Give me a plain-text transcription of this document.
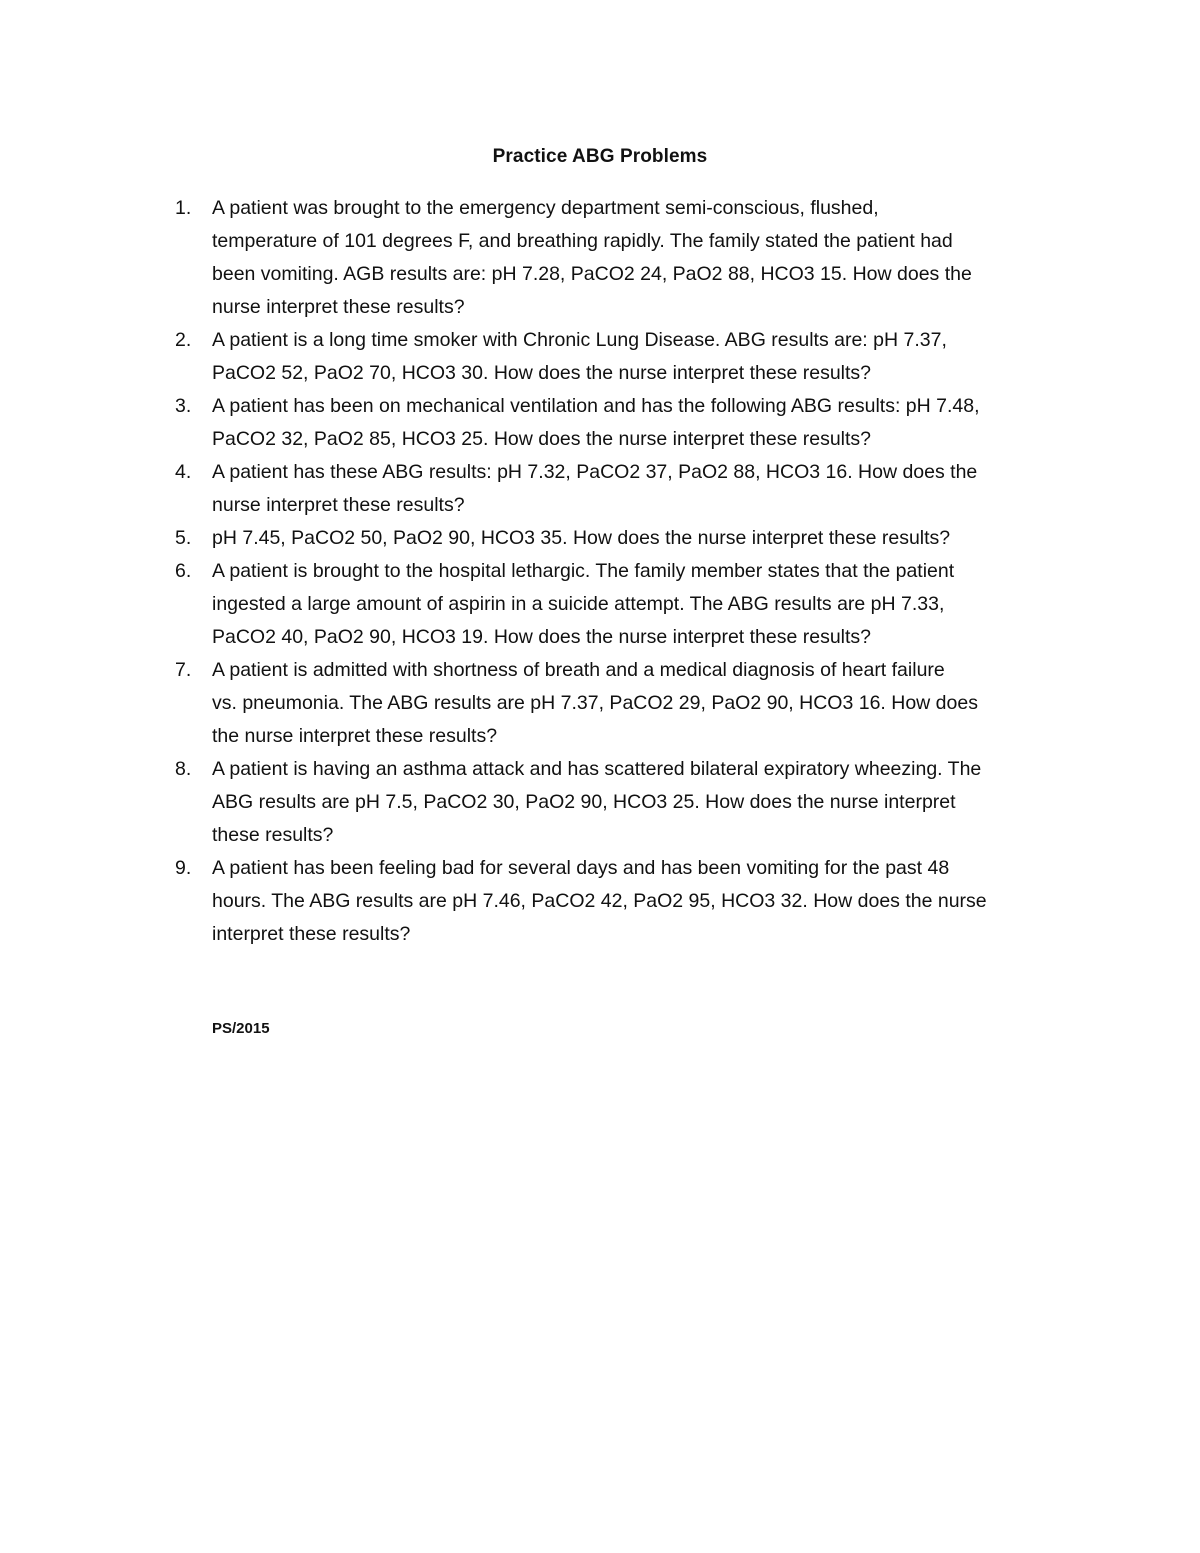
Practice ABG Problems
1. A patient was brought to the emergency department semi-conscious, flushed,
temperature of 101 degrees F, and breathing rapidly. The family stated the patient had
been vomiting. AGB results are: pH 7.28, PaCO2 24, PaO2 88, HCO3 15. How does the
nurse interpret these results?
2. A patient is a long time smoker with Chronic Lung Disease. ABG results are: pH 7.37,
PaCO2 52, PaO2 70, HCO3 30. How does the nurse interpret these results?
3. A patient has been on mechanical ventilation and has the following ABG results: pH 7.48,
PaCO2 32, PaO2 85, HCO3 25. How does the nurse interpret these results?
4. A patient has these ABG results: pH 7.32, PaCO2 37, PaO2 88, HCO3 16. How does the
nurse interpret these results?
5. pH 7.45, PaCO2 50, PaO2 90, HCO3 35. How does the nurse interpret these results?
6. A patient is brought to the hospital lethargic. The family member states that the patient
ingested a large amount of aspirin in a suicide attempt. The ABG results are pH 7.33,
PaCO2 40, PaO2 90, HCO3 19. How does the nurse interpret these results?
7. A patient is admitted with shortness of breath and a medical diagnosis of heart failure
vs. pneumonia. The ABG results are pH 7.37, PaCO2 29, PaO2 90, HCO3 16. How does
the nurse interpret these results?
8. A patient is having an asthma attack and has scattered bilateral expiratory wheezing. The
ABG results are pH 7.5, PaCO2 30, PaO2 90, HCO3 25. How does the nurse interpret
these results?
9. A patient has been feeling bad for several days and has been vomiting for the past 48
hours. The ABG results are pH 7.46, PaCO2 42, PaO2 95, HCO3 32. How does the nurse
interpret these results?
PS/2015
